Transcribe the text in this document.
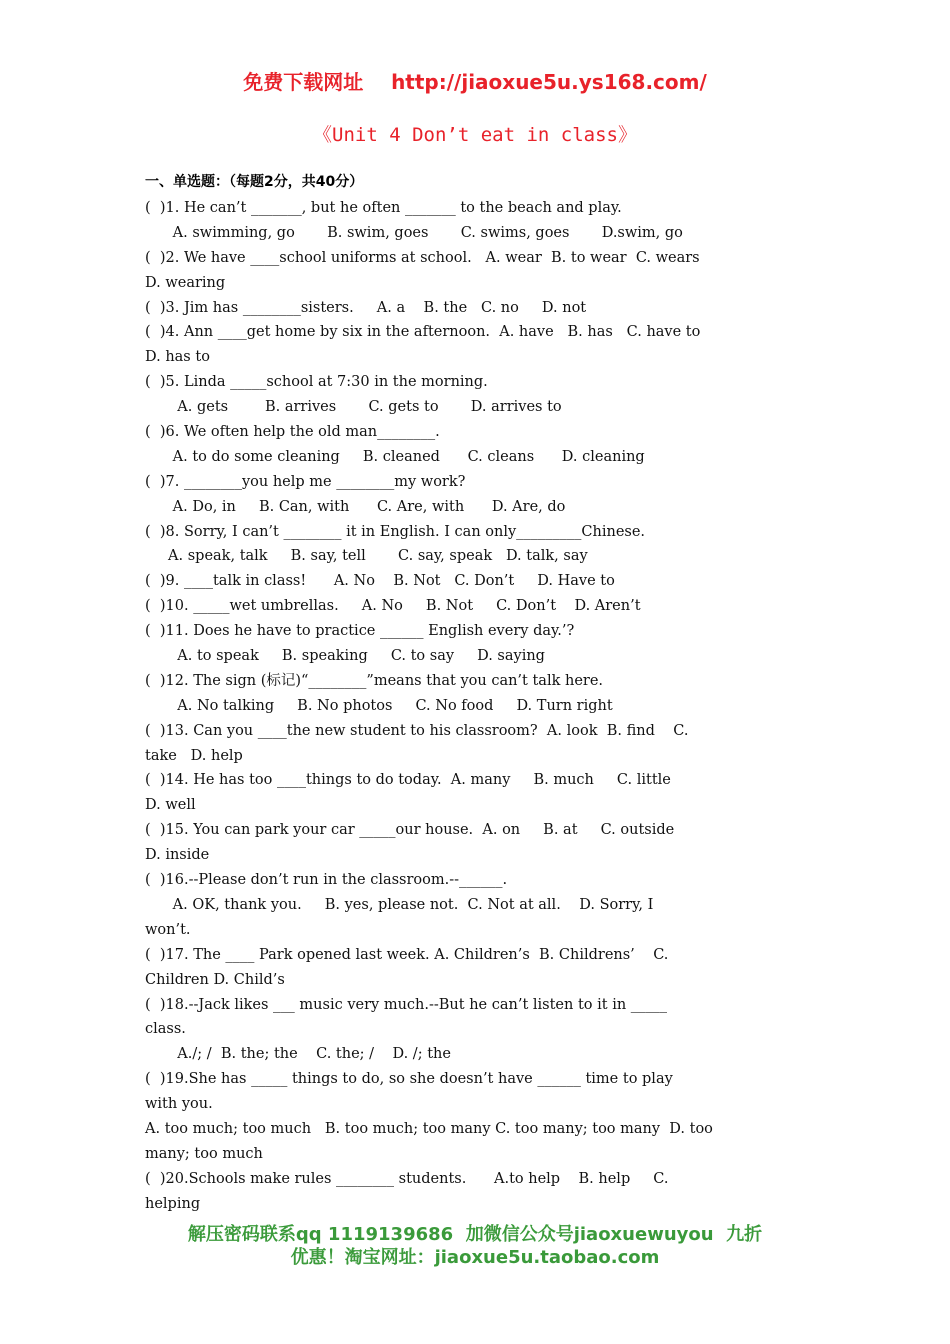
免费下载网址 http://jiaoxue5u.ys168.com/
《Unit 4 Don’t eat in class》
一、单选题：（每题2分，共40分）
(  )1. He can’t _______, but he often _______ to the beach and play.
A. swimming, go       B. swim, goes       C. swims, goes       D.swim, go
(  )2. We have ____school uniforms at school.   A. wear  B. to wear  C. wears
D. wearing
(  )3. Jim has ________sisters.     A. a    B. the   C. no     D. not
(  )4. Ann ____get home by six in the afternoon.  A. have   B. has   C. have to
D. has to
(  )5. Linda _____school at 7:30 in the morning.
A. gets        B. arrives       C. gets to       D. arrives to
(  )6. We often help the old man________.
A. to do some cleaning     B. cleaned      C. cleans      D. cleaning
(  )7. ________you help me ________my work?
A. Do, in     B. Can, with      C. Are, with      D. Are, do
(  )8. Sorry, I can’t ________ it in English. I can only_________Chinese.
A. speak, talk     B. say, tell       C. say, speak   D. talk, say
(  )9. ____talk in class!      A. No    B. Not   C. Don’t     D. Have to
(  )10. _____wet umbrellas.     A. No     B. Not     C. Don’t    D. Aren’t
(  )11. Does he have to practice ______ English every day.’?
A. to speak     B. speaking     C. to say     D. saying
(  )12. The sign (标记)“________”means that you can’t talk here.
A. No talking     B. No photos     C. No food     D. Turn right
(  )13. Can you ____the new student to his classroom?  A. look  B. find    C.
take   D. help
(  )14. He has too ____things to do today.  A. many     B. much     C. little
D. well
(  )15. You can park your car _____our house.  A. on     B. at     C. outside
D. inside
(  )16.--Please don’t run in the classroom.--______.
A. OK, thank you.     B. yes, please not.  C. Not at all.    D. Sorry, I
won’t.
(  )17. The ____ Park opened last week. A. Children’s  B. Childrens’    C.
Children D. Child’s
(  )18.--Jack likes ___ music very much.--But he can’t listen to it in _____
class.
A./; /  B. the; the    C. the; /    D. /; the
(  )19.She has _____ things to do, so she doesn’t have ______ time to play
with you.
A. too much; too much   B. too much; too many C. too many; too many  D. too
many; too much
(  )20.Schools make rules ________ students.      A.to help    B. help     C.
helping
解压密码联系qq 1119139686  加微信公众号jiaoxuewuyou  九折
优惠！淘宝网址：jiaoxue5u.taobao.com
